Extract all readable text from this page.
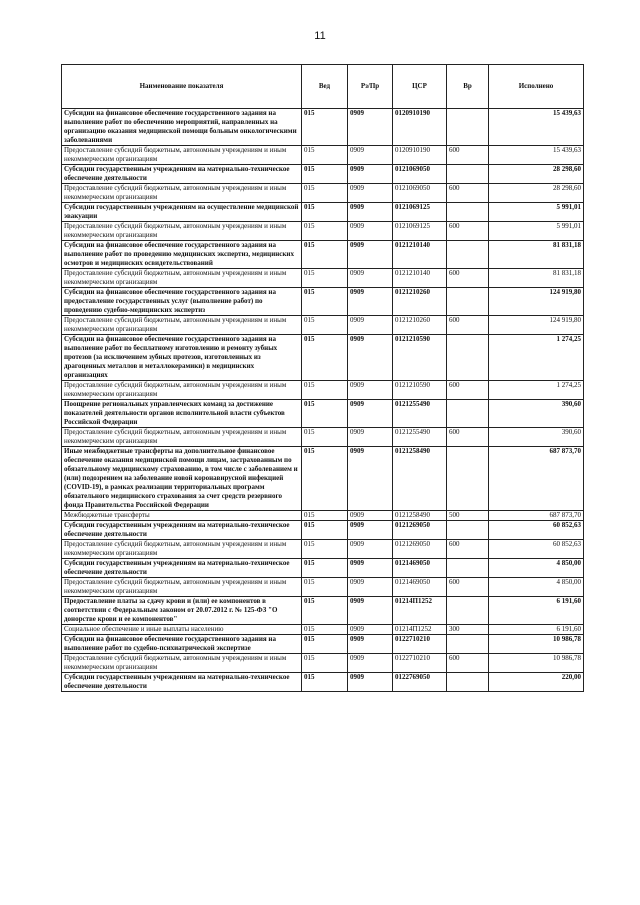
11
Наименование показателя	Вед	Рз/Пр	ЦСР	Вр	Исполнено
Субсидии на финансовое обеспечение государственного задания на выполнение работ по обеспечению мероприятий, направленных на организацию оказания медицинской помощи больным онкологическими заболеваниями	015	0909	0120910190		15 439,63
Предоставление субсидий бюджетным, автономным учреждениям и иным некоммерческим организациям	015	0909	0120910190	600	15 439,63
Субсидии государственным учреждениям на материально-техническое обеспечение деятельности	015	0909	0121069050		28 298,60
Предоставление субсидий бюджетным, автономным учреждениям и иным некоммерческим организациям	015	0909	0121069050	600	28 298,60
Субсидии государственным учреждениям на осуществление медицинской эвакуации	015	0909	0121069125		5 991,01
Предоставление субсидий бюджетным, автономным учреждениям и иным некоммерческим организациям	015	0909	0121069125	600	5 991,01
Субсидии на финансовое обеспечение государственного задания на выполнение работ по проведению медицинских экспертиз, медицинских осмотров и медицинских освидетельствований	015	0909	0121210140		81 831,18
Предоставление субсидий бюджетным, автономным учреждениям и иным некоммерческим организациям	015	0909	0121210140	600	81 831,18
Субсидии на финансовое обеспечение государственного задания на предоставление государственных услуг (выполнение работ) по проведению судебно-медицинских экспертиз	015	0909	0121210260		124 919,80
Предоставление субсидий бюджетным, автономным учреждениям и иным некоммерческим организациям	015	0909	0121210260	600	124 919,80
Субсидии на финансовое обеспечение государственного задания на выполнение работ по бесплатному изготовлению и ремонту зубных протезов (за исключением зубных протезов, изготовленных из драгоценных металлов и металлокерамики) в медицинских организациях	015	0909	0121210590		1 274,25
Предоставление субсидий бюджетным, автономным учреждениям и иным некоммерческим организациям	015	0909	0121210590	600	1 274,25
Поощрение региональных управленческих команд за достижение показателей деятельности органов исполнительной власти субъектов Российской Федерации	015	0909	0121255490		390,60
Предоставление субсидий бюджетным, автономным учреждениям и иным некоммерческим организациям	015	0909	0121255490	600	390,60
Иные межбюджетные трансферты на дополнительное финансовое обеспечение оказания медицинской помощи лицам, застрахованным по обязательному медицинскому страхованию, в том числе с заболеванием и (или) подозрением на заболевание новой коронавирусной инфекцией (COVID-19), в рамках реализации территориальных программ обязательного медицинского страхования за счет средств резервного фонда Правительства Российской Федерации	015	0909	0121258490		687 873,70
Межбюджетные трансферты	015	0909	0121258490	500	687 873,70
Субсидии государственным учреждениям на материально-техническое обеспечение деятельности	015	0909	0121269050		60 852,63
Предоставление субсидий бюджетным, автономным учреждениям и иным некоммерческим организациям	015	0909	0121269050	600	60 852,63
Субсидии государственным учреждениям на материально-техническое обеспечение деятельности	015	0909	0121469050		4 850,00
Предоставление субсидий бюджетным, автономным учреждениям и иным некоммерческим организациям	015	0909	0121469050	600	4 850,00
Предоставление платы за сдачу крови и (или) ее компонентов в соответствии с Федеральным законом от 20.07.2012 г. № 125-ФЗ "О донорстве крови и ее компонентов"	015	0909	01214П1252		6 191,60
Социальное обеспечение и иные выплаты населению	015	0909	01214П1252	300	6 191,60
Субсидии на финансовое обеспечение государственного задания на выполнение работ по судебно-психиатрической экспертизе	015	0909	0122710210		10 986,78
Предоставление субсидий бюджетным, автономным учреждениям и иным некоммерческим организациям	015	0909	0122710210	600	10 986,78
Субсидии государственным учреждениям на материально-техническое обеспечение деятельности	015	0909	0122769050		220,00
